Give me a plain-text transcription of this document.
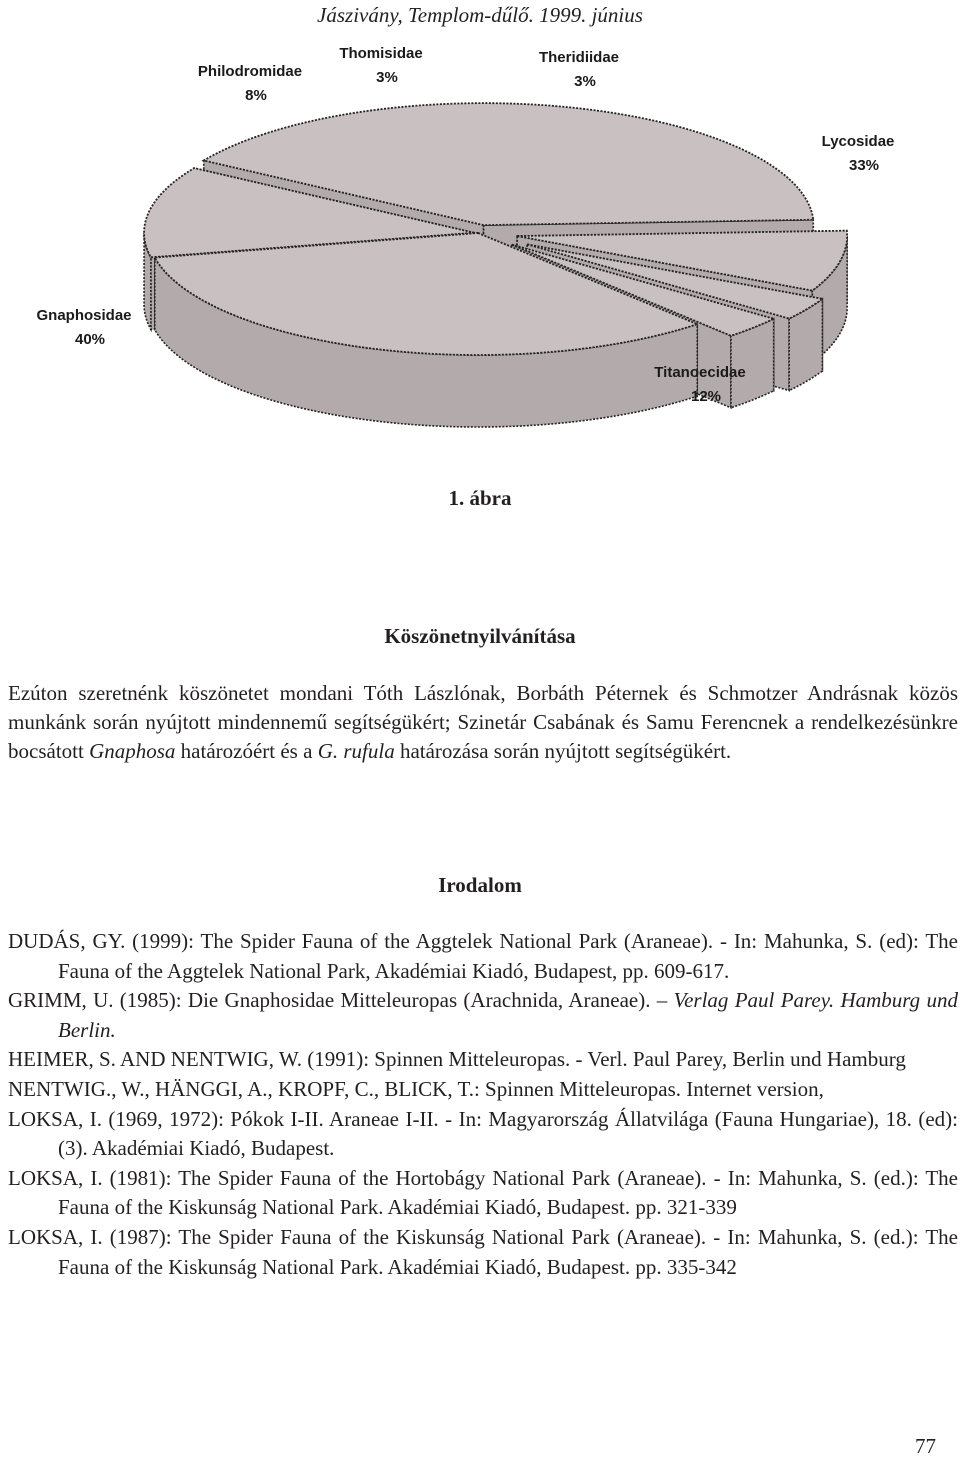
Jászivány, Templom-dűlő. 1999. június
Gnaphosidae
40%
Philodromidae
8%
Thomisidae
3%
Theridiidae
3%
Lycosidae
33%
Titanoecidae
12%
1. ábra
Köszönetnyilvánítása
Ezúton szeretnénk köszönetet mondani Tóth Lászlónak, Borbáth Péternek és Schmotzer Andrásnak közös munkánk során nyújtott mindennemű segítségükért; Szinetár Csabának és Samu Ferencnek a rendelkezésünkre bocsátott Gnaphosa határozóért és a G. rufula határozása során nyújtott segítségükért.
Irodalom
DUDÁS, GY. (1999): The Spider Fauna of the Aggtelek National Park (Araneae). - In: Mahunka, S. (ed): The Fauna of the Aggtelek National Park, Akadémiai Kiadó, Budapest, pp. 609-617.
GRIMM, U. (1985): Die Gnaphosidae Mitteleuropas (Arachnida, Araneae). – Verlag Paul Parey. Hamburg und Berlin.
HEIMER, S. AND NENTWIG, W. (1991): Spinnen Mitteleuropas. - Verl. Paul Parey, Berlin und Hamburg
NENTWIG., W., HÄNGGI, A., KROPF, C., BLICK, T.: Spinnen Mitteleuropas. Internet version,
LOKSA, I. (1969, 1972): Pókok I-II. Araneae I-II. - In: Magyarország Állatvilága (Fauna Hungariae), 18. (ed): (3). Akadémiai Kiadó, Budapest.
LOKSA, I. (1981): The Spider Fauna of the Hortobágy National Park (Araneae). - In: Mahunka, S. (ed.): The Fauna of the Kiskunság National Park. Akadémiai Kiadó, Budapest. pp. 321-339
LOKSA, I. (1987): The Spider Fauna of the Kiskunság National Park (Araneae). - In: Mahunka, S. (ed.): The Fauna of the Kiskunság National Park. Akadémiai Kiadó, Budapest. pp. 335-342
77
